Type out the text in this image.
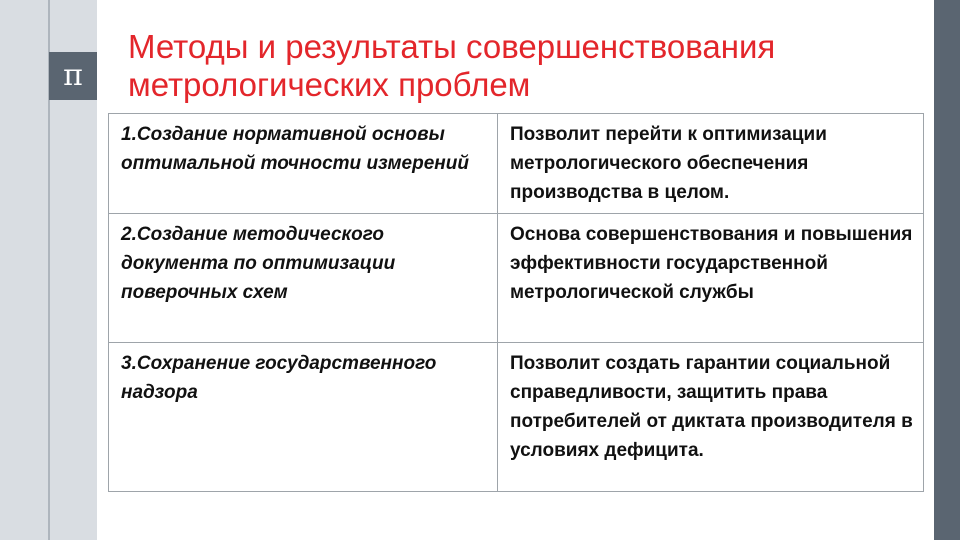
π
Методы и результаты совершенствования
метрологических проблем
1.Создание нормативной основы оптимальной точности измерений	Позволит перейти к оптимизации метрологического обеспечения производства в целом.
2.Создание методического документа по оптимизации поверочных схем	Основа совершенствования и повышения эффективности государственной метрологической службы
3.Сохранение государственного надзора	Позволит создать гарантии социальной справедливости, защитить права потребителей от диктата производителя в условиях дефицита.
